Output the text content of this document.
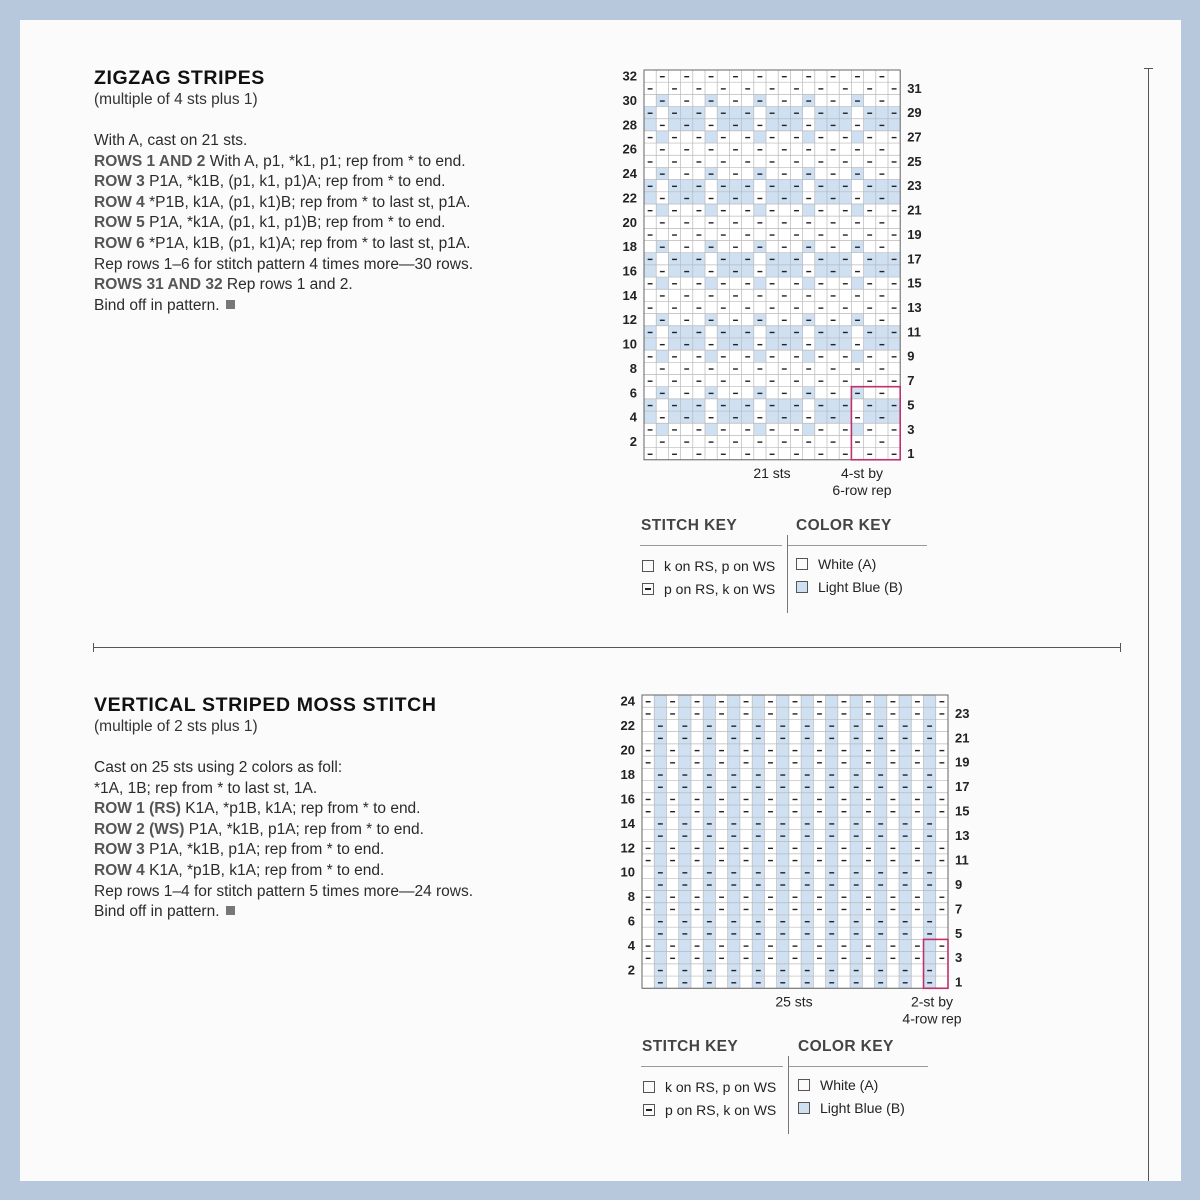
ZIGZAG STRIPES
(multiple of 4 sts plus 1)
With A, cast on 21 sts.
ROWS 1 AND 2 With A, p1, *k1, p1; rep from * to end.
ROW 3 P1A, *k1B, (p1, k1, p1)A; rep from * to end.
ROW 4 *P1B, k1A, (p1, k1)B; rep from * to last st, p1A.
ROW 5 P1A, *k1A, (p1, k1, p1)B; rep from * to end.
ROW 6 *P1A, k1B, (p1, k1)A; rep from * to last st, p1A.
Rep rows 1–6 for stitch pattern 4 times more—30 rows.
ROWS 31 AND 32 Rep rows 1 and 2.
Bind off in pattern.
32
30
28
26
24
22
20
18
16
14
12
10
8
6
4
2
31
29
27
25
23
21
19
17
15
13
11
9
7
5
3
1
21 sts	4-st by
6-row rep
STITCH KEY	COLOR KEY
k on RS, p on WS
p on RS, k on WS
White (A)
Light Blue (B)
VERTICAL STRIPED MOSS STITCH
(multiple of 2 sts plus 1)
Cast on 25 sts using 2 colors as foll:
*1A, 1B; rep from * to last st, 1A.
ROW 1 (RS) K1A, *p1B, k1A; rep from * to end.
ROW 2 (WS) P1A, *k1B, p1A; rep from * to end.
ROW 3 P1A, *k1B, p1A; rep from * to end.
ROW 4 K1A, *p1B, k1A; rep from * to end.
Rep rows 1–4 for stitch pattern 5 times more—24 rows.
Bind off in pattern.
24
22
20
18
16
14
12
10
8
6
4
2
23
21
19
17
15
13
11
9
7
5
3
1
25 sts	2-st by
4-row rep
STITCH KEY	COLOR KEY
k on RS, p on WS
p on RS, k on WS
White (A)
Light Blue (B)
